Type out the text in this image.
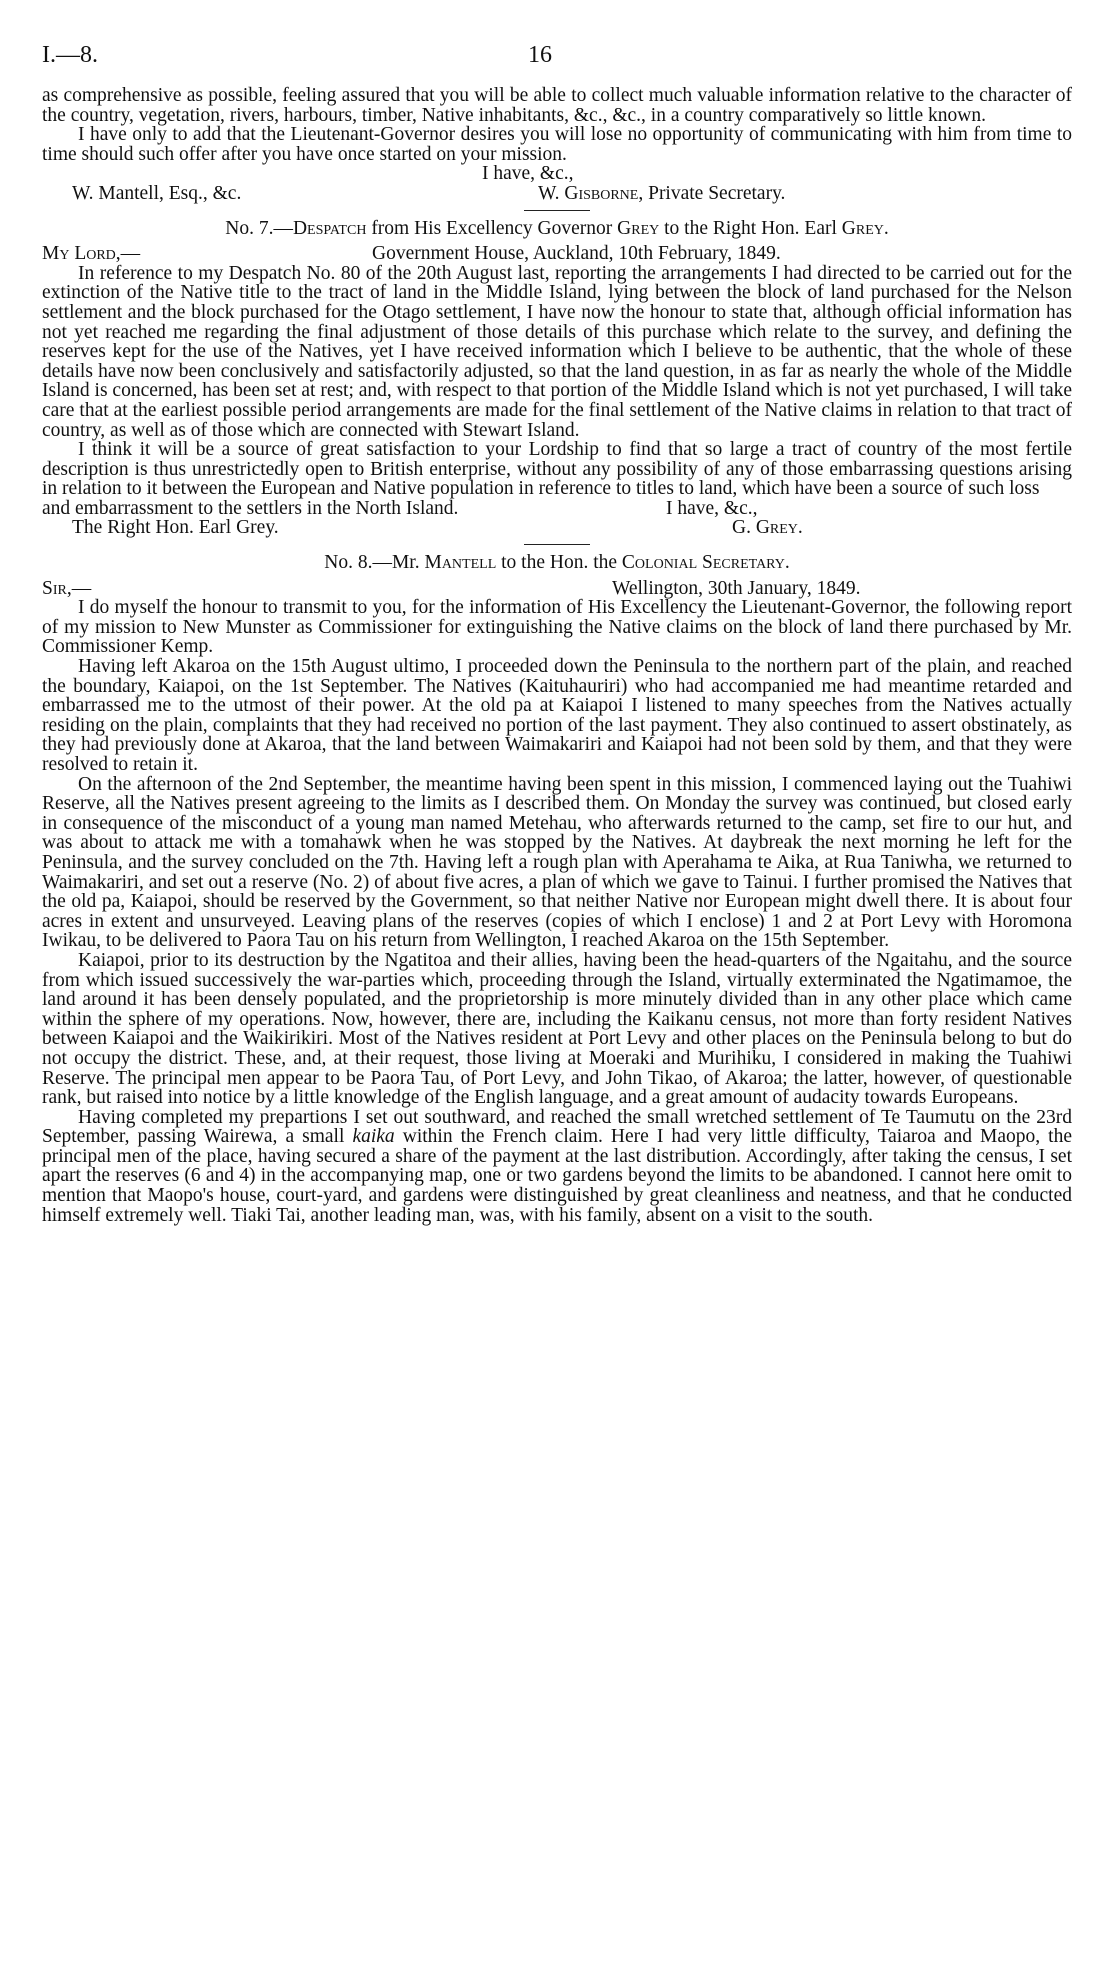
I.—8.	16

as comprehensive as possible, feeling assured that you will be able to collect much valuable information relative to the character of the country, vegetation, rivers, harbours, timber, Native inhabitants, &c., &c., in a country comparatively so little known.

I have only to add that the Lieutenant-Governor desires you will lose no opportunity of communicating with him from time to time should such offer after you have once started on your mission.

I have, &c.,
W. Mantell, Esq., &c.	W. Gisborne, Private Secretary.

No. 7.—Despatch from His Excellency Governor Grey to the Right Hon. Earl Grey.

My Lord,—	Government House, Auckland, 10th February, 1849.

In reference to my Despatch No. 80 of the 20th August last, reporting the arrangements I had directed to be carried out for the extinction of the Native title to the tract of land in the Middle Island, lying between the block of land purchased for the Nelson settlement and the block purchased for the Otago settlement, I have now the honour to state that, although official information has not yet reached me regarding the final adjustment of those details of this purchase which relate to the survey, and defining the reserves kept for the use of the Natives, yet I have received information which I believe to be authentic, that the whole of these details have now been conclusively and satisfactorily adjusted, so that the land question, in as far as nearly the whole of the Middle Island is concerned, has been set at rest; and, with respect to that portion of the Middle Island which is not yet purchased, I will take care that at the earliest possible period arrangements are made for the final settlement of the Native claims in relation to that tract of country, as well as of those which are connected with Stewart Island.

I think it will be a source of great satisfaction to your Lordship to find that so large a tract of country of the most fertile description is thus unrestrictedly open to British enterprise, without any possibility of any of those embarrassing questions arising in relation to it between the European and Native population in reference to titles to land, which have been a source of such loss

and embarrassment to the settlers in the North Island.	I have, &c.,
The Right Hon. Earl Grey.	G. Grey.

No. 8.—Mr. Mantell to the Hon. the Colonial Secretary.

Sir,—	Wellington, 30th January, 1849.

I do myself the honour to transmit to you, for the information of His Excellency the Lieutenant-Governor, the following report of my mission to New Munster as Commissioner for extinguishing the Native claims on the block of land there purchased by Mr. Commissioner Kemp.

Having left Akaroa on the 15th August ultimo, I proceeded down the Peninsula to the northern part of the plain, and reached the boundary, Kaiapoi, on the 1st September. The Natives (Kaituhauriri) who had accompanied me had meantime retarded and embarrassed me to the utmost of their power. At the old pa at Kaiapoi I listened to many speeches from the Natives actually residing on the plain, complaints that they had received no portion of the last payment. They also continued to assert obstinately, as they had previously done at Akaroa, that the land between Waimakariri and Kaiapoi had not been sold by them, and that they were resolved to retain it.

On the afternoon of the 2nd September, the meantime having been spent in this mission, I commenced laying out the Tuahiwi Reserve, all the Natives present agreeing to the limits as I described them. On Monday the survey was continued, but closed early in consequence of the misconduct of a young man named Metehau, who afterwards returned to the camp, set fire to our hut, and was about to attack me with a tomahawk when he was stopped by the Natives. At daybreak the next morning he left for the Peninsula, and the survey concluded on the 7th. Having left a rough plan with Aperahama te Aika, at Rua Taniwha, we returned to Waimakariri, and set out a reserve (No. 2) of about five acres, a plan of which we gave to Tainui. I further promised the Natives that the old pa, Kaiapoi, should be reserved by the Government, so that neither Native nor European might dwell there. It is about four acres in extent and unsurveyed. Leaving plans of the reserves (copies of which I enclose) 1 and 2 at Port Levy with Horomona Iwikau, to be delivered to Paora Tau on his return from Wellington, I reached Akaroa on the 15th September.

Kaiapoi, prior to its destruction by the Ngatitoa and their allies, having been the head-quarters of the Ngaitahu, and the source from which issued successively the war-parties which, proceeding through the Island, virtually exterminated the Ngatimamoe, the land around it has been densely populated, and the proprietorship is more minutely divided than in any other place which came within the sphere of my operations. Now, however, there are, including the Kaikanu census, not more than forty resident Natives between Kaiapoi and the Waikirikiri. Most of the Natives resident at Port Levy and other places on the Peninsula belong to but do not occupy the district. These, and, at their request, those living at Moeraki and Murihiku, I considered in making the Tuahiwi Reserve. The principal men appear to be Paora Tau, of Port Levy, and John Tikao, of Akaroa; the latter, however, of questionable rank, but raised into notice by a little knowledge of the English language, and a great amount of audacity towards Europeans.

Having completed my prepartions I set out southward, and reached the small wretched settlement of Te Taumutu on the 23rd September, passing Wairewa, a small kaika within the French claim. Here I had very little difficulty, Taiaroa and Maopo, the principal men of the place, having secured a share of the payment at the last distribution. Accordingly, after taking the census, I set apart the reserves (6 and 4) in the accompanying map, one or two gardens beyond the limits to be abandoned. I cannot here omit to mention that Maopo's house, court-yard, and gardens were distinguished by great cleanliness and neatness, and that he conducted himself extremely well. Tiaki Tai, another leading man, was, with his family, absent on a visit to the south.
